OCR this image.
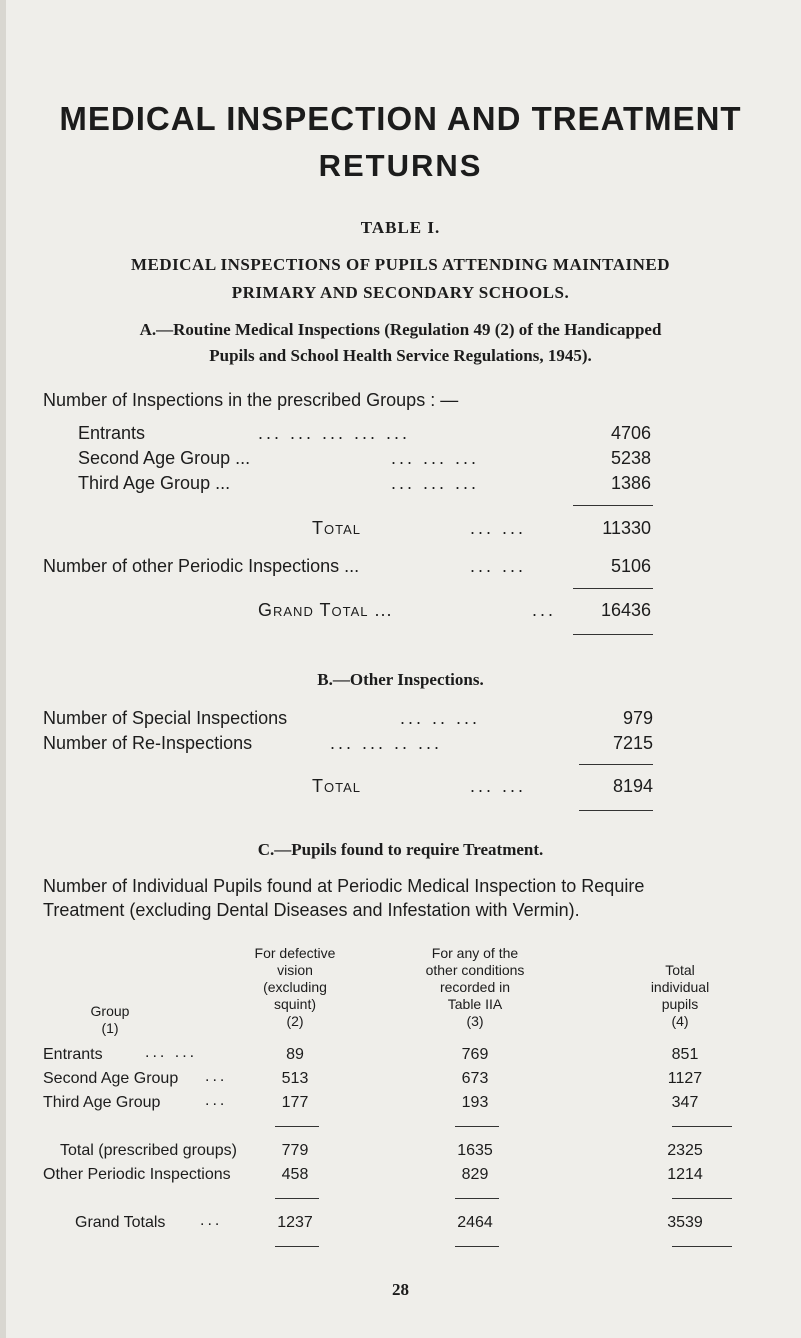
MEDICAL INSPECTION AND TREATMENT
RETURNS
TABLE I.
MEDICAL INSPECTIONS OF PUPILS ATTENDING MAINTAINED
PRIMARY AND SECONDARY SCHOOLS.
A.—Routine Medical Inspections (Regulation 49 (2) of the Handicapped
Pupils and School Health Service Regulations, 1945).
Number of Inspections in the prescribed Groups : —
Entrants	... ... ... ... ...	4706
Second Age Group ...	... ... ...	5238
Third Age Group ...	... ... ...	1386
Total	... ...	11330
Number of other Periodic Inspections ...	... ...	5106
Grand Total ...	...	16436
B.—Other Inspections.
Number of Special Inspections	... .. ...	979
Number of Re-Inspections	... ... .. ...	7215
Total	... ...	8194
C.—Pupils found to require Treatment.
Number of Individual Pupils found at Periodic Medical Inspection to Require
Treatment (excluding Dental Diseases and Infestation with Vermin).
Group
(1)
For defective
vision
(excluding
squint)
(2)
For any of the
other conditions
recorded in
Table IIA
(3)
Total
individual
pupils
(4)
Entrants	... ...	89	769	851
Second Age Group ...	513	673	1127
Third Age Group	...	177	193	347
Total (prescribed groups)	779	1635	2325
Other Periodic Inspections	458	829	1214
Grand Totals ...	1237	2464	3539
28
